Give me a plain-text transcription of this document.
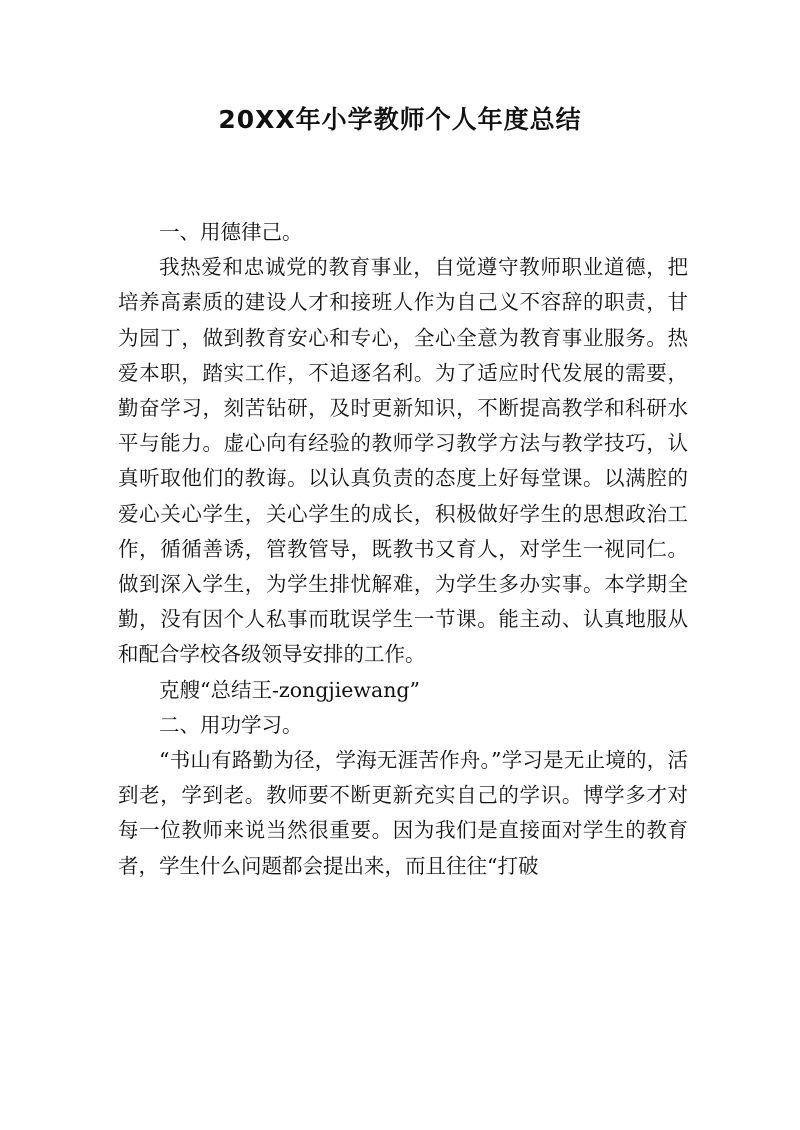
20XX年小学教师个人年度总结

一、用德律己。

我热爱和忠诚党的教育事业，自觉遵守教师职业道德，把培养高素质的建设人才和接班人作为自己义不容辞的职责，甘为园丁，做到教育安心和专心，全心全意为教育事业服务。热爱本职，踏实工作，不追逐名利。为了适应时代发展的需要，勤奋学习，刻苦钻研，及时更新知识，不断提高教学和科研水平与能力。虚心向有经验的教师学习教学方法与教学技巧，认真听取他们的教诲。以认真负责的态度上好每堂课。以满腔的爱心关心学生，关心学生的成长，积极做好学生的思想政治工作，循循善诱，管教管导，既教书又育人，对学生一视同仁。做到深入学生，为学生排忧解难，为学生多办实事。本学期全勤，没有因个人私事而耽误学生一节课。能主动、认真地服从和配合学校各级领导安排的工作。

克艘“总结王-zongjiewang”

二、用功学习。

“书山有路勤为径，学海无涯苦作舟。”学习是无止境的，活到老，学到老。教师要不断更新充实自己的学识。博学多才对每一位教师来说当然很重要。因为我们是直接面对学生的教育者，学生什么问题都会提出来，而且往往“打破
